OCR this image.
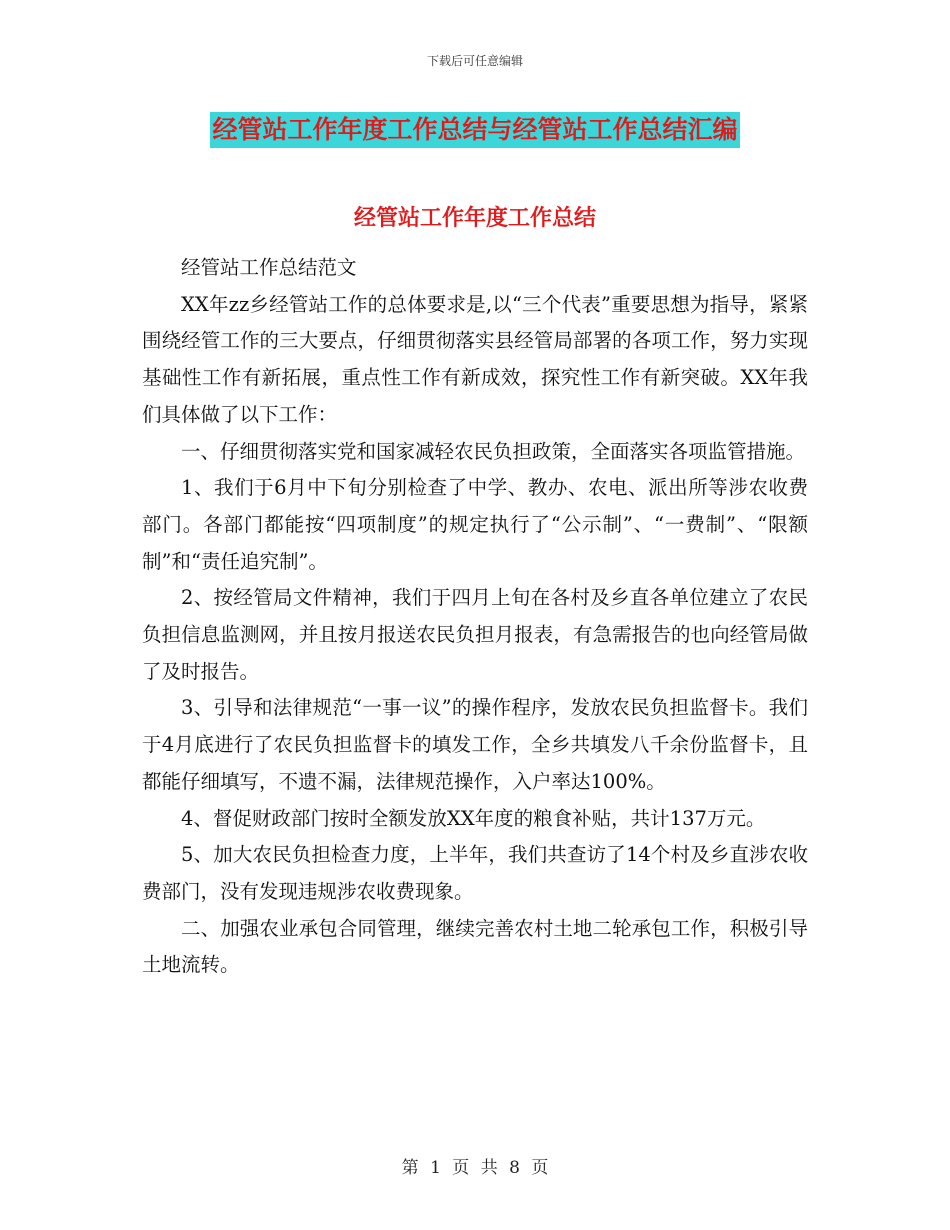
下载后可任意编辑
经管站工作年度工作总结与经管站工作总结汇编
经管站工作年度工作总结

经管站工作总结范文

XX年zz乡经管站工作的总体要求是,以“三个代表”重要思想为指导，紧紧围绕经管工作的三大要点，仔细贯彻落实县经管局部署的各项工作，努力实现基础性工作有新拓展，重点性工作有新成效，探究性工作有新突破。XX年我们具体做了以下工作：

一、仔细贯彻落实党和国家减轻农民负担政策，全面落实各项监管措施。

1、我们于6月中下旬分别检查了中学、教办、农电、派出所等涉农收费部门。各部门都能按“四项制度”的规定执行了“公示制”、“一费制”、“限额制”和“责任追究制”。

2、按经管局文件精神，我们于四月上旬在各村及乡直各单位建立了农民负担信息监测网，并且按月报送农民负担月报表，有急需报告的也向经管局做了及时报告。

3、引导和法律规范“一事一议”的操作程序，发放农民负担监督卡。我们于4月底进行了农民负担监督卡的填发工作，全乡共填发八千余份监督卡，且都能仔细填写，不遗不漏，法律规范操作，入户率达100%。

4、督促财政部门按时全额发放XX年度的粮食补贴，共计137万元。

5、加大农民负担检查力度，上半年，我们共查访了14个村及乡直涉农收费部门，没有发现违规涉农收费现象。

二、加强农业承包合同管理，继续完善农村土地二轮承包工作，积极引导土地流转。

第 1 页 共 8 页
